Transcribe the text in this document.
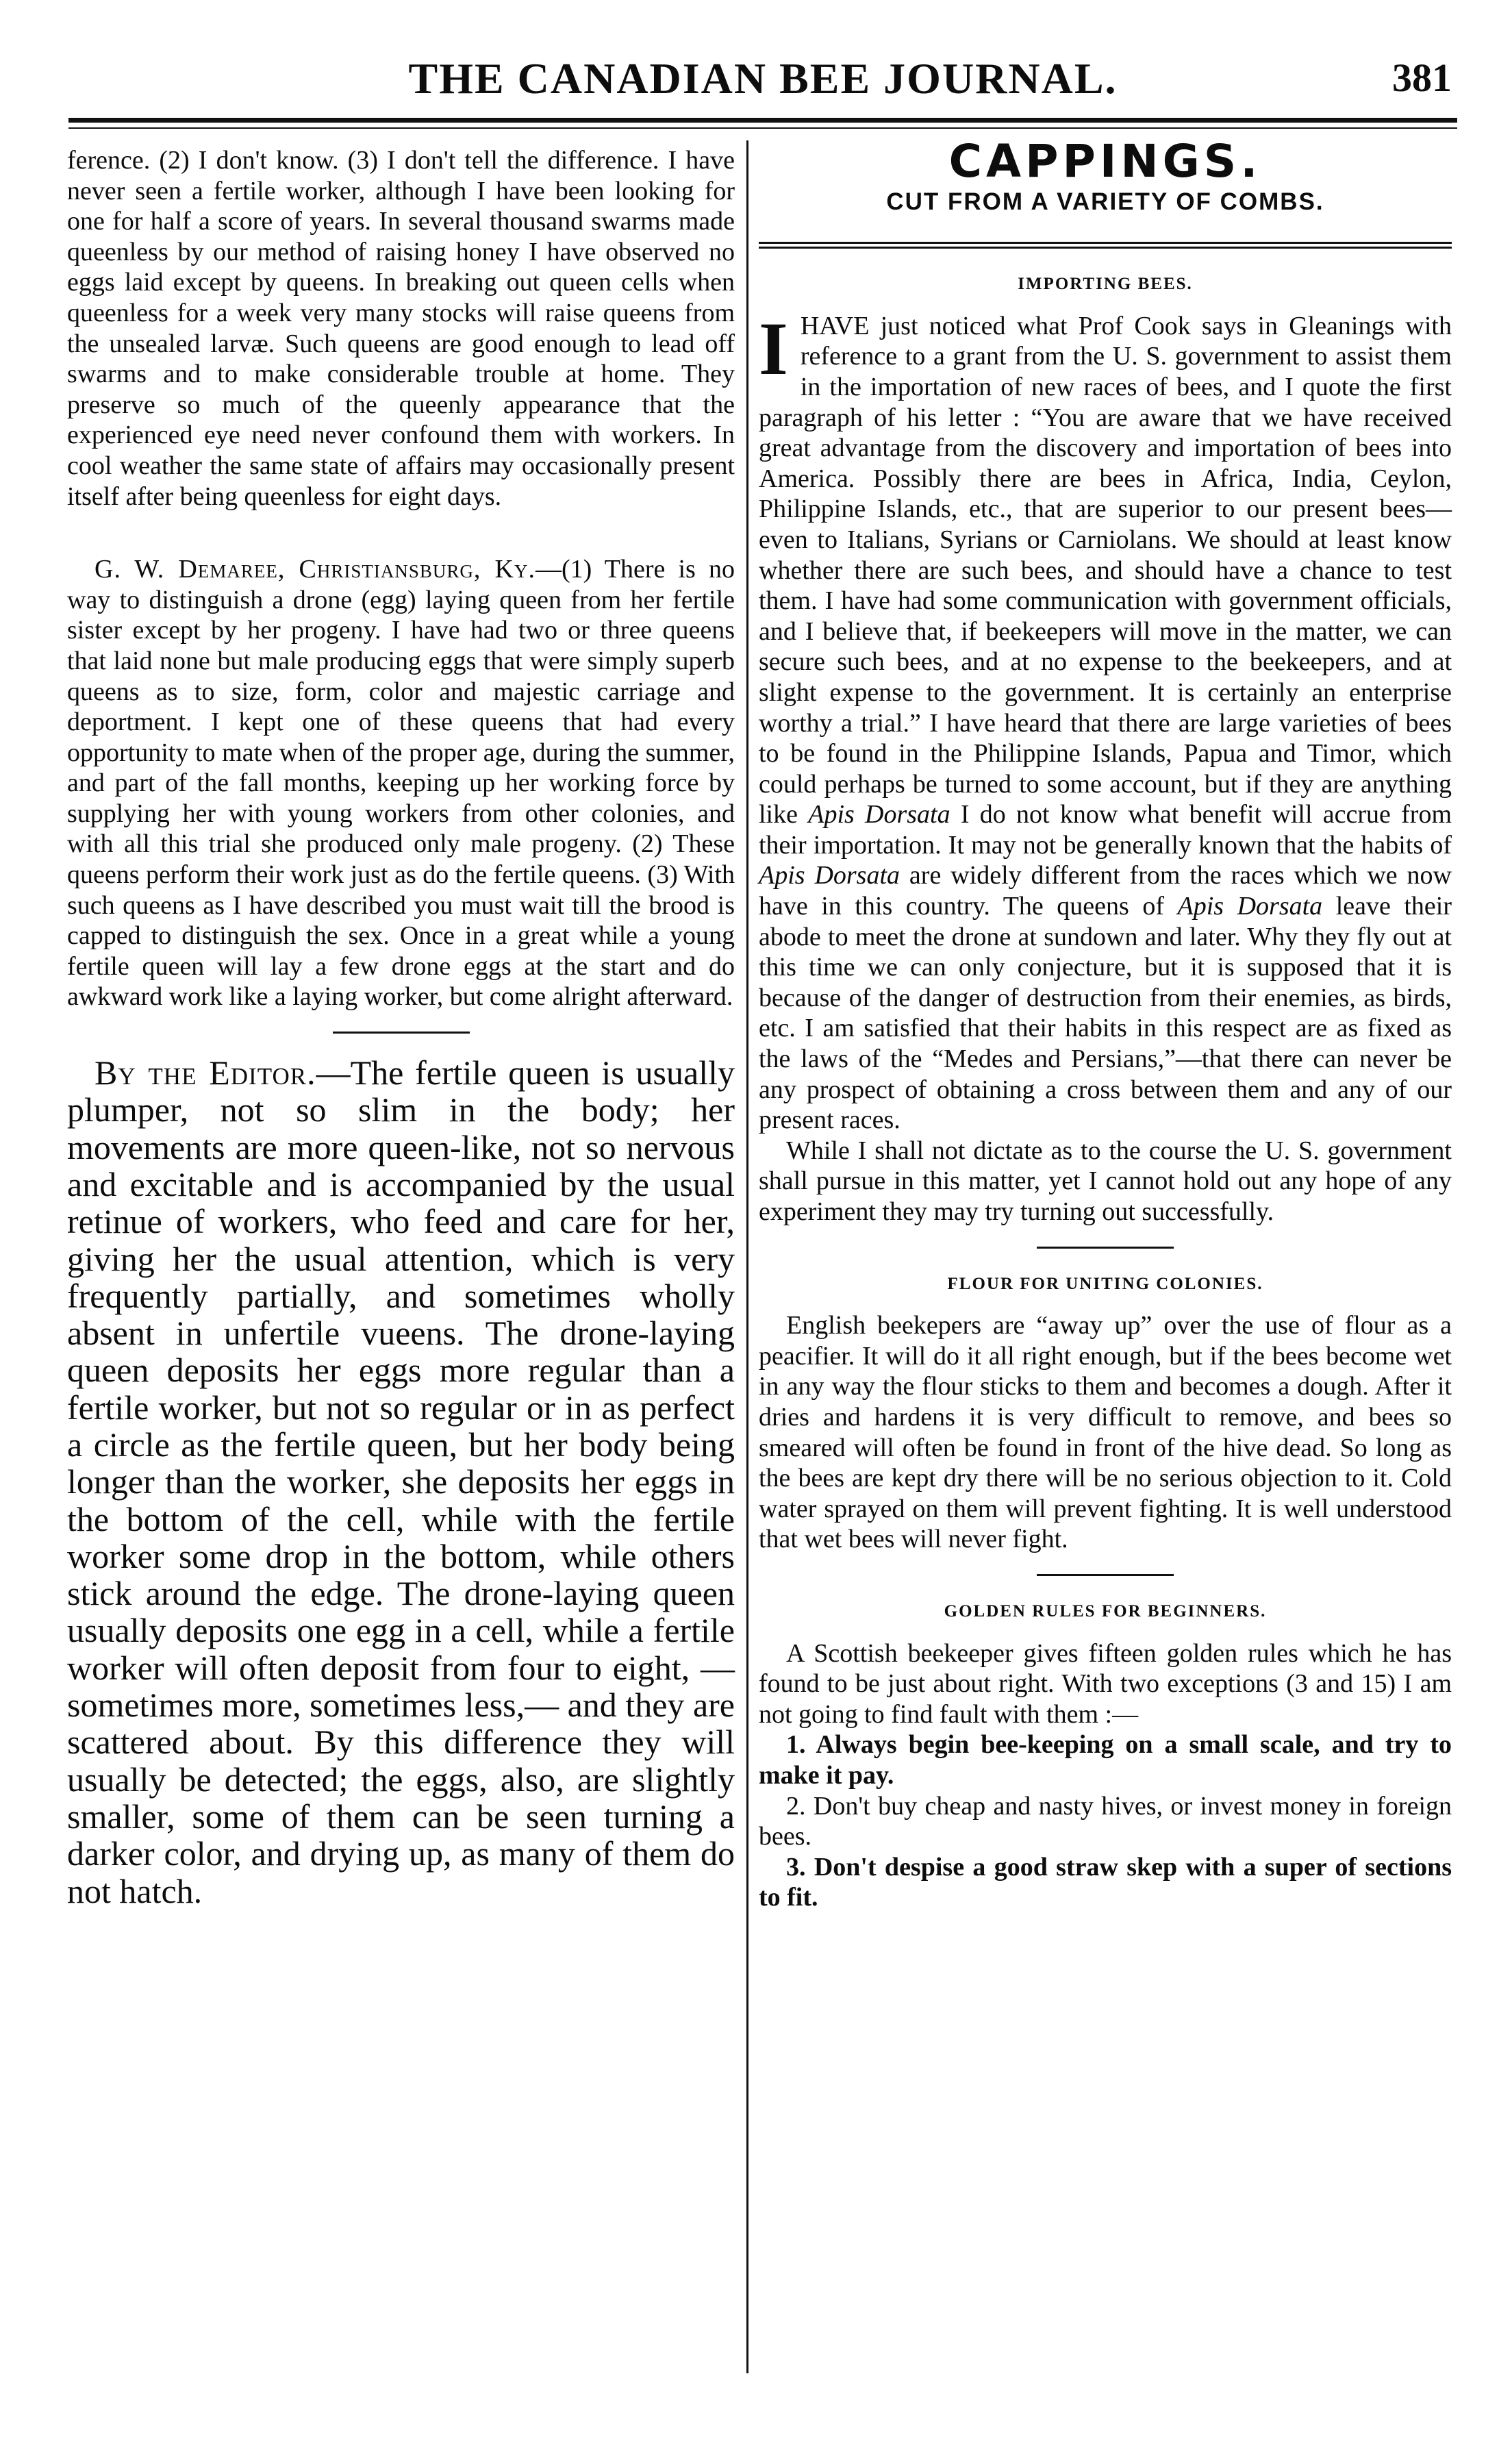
THE CANADIAN BEE JOURNAL.	381

ference. (2) I don't know. (3) I don't tell the difference. I have never seen a fertile worker, although I have been looking for one for half a score of years. In several thousand swarms made queenless by our method of raising honey I have observed no eggs laid except by queens. In breaking out queen cells when queenless for a week very many stocks will raise queens from the unsealed larvæ. Such queens are good enough to lead off swarms and to make considerable trouble at home. They preserve so much of the queenly appearance that the experienced eye need never confound them with workers. In cool weather the same state of affairs may occasionally present itself after being queenless for eight days.

G. W. Demaree, Christiansburg, Ky.—(1) There is no way to distinguish a drone (egg) laying queen from her fertile sister except by her progeny. I have had two or three queens that laid none but male producing eggs that were simply superb queens as to size, form, color and majestic carriage and deportment. I kept one of these queens that had every opportunity to mate when of the proper age, during the summer, and part of the fall months, keeping up her working force by supplying her with young workers from other colonies, and with all this trial she produced only male progeny. (2) These queens perform their work just as do the fertile queens. (3) With such queens as I have described you must wait till the brood is capped to distinguish the sex. Once in a great while a young fertile queen will lay a few drone eggs at the start and do awkward work like a laying worker, but come alright afterward.

By the Editor.—The fertile queen is usually plumper, not so slim in the body; her movements are more queen-like, not so nervous and excitable and is accompanied by the usual retinue of workers, who feed and care for her, giving her the usual attention, which is very frequently partially, and sometimes wholly absent in unfertile vueens. The drone-laying queen deposits her eggs more regular than a fertile worker, but not so regular or in as perfect a circle as the fertile queen, but her body being longer than the worker, she deposits her eggs in the bottom of the cell, while with the fertile worker some drop in the bottom, while others stick around the edge. The drone-laying queen usually deposits one egg in a cell, while a fertile worker will often deposit from four to eight, —sometimes more, sometimes less,— and they are scattered about. By this difference they will usually be detected; the eggs, also, are slightly smaller, some of them can be seen turning a darker color, and drying up, as many of them do not hatch.

CAPPINGS.
CUT FROM A VARIETY OF COMBS.
IMPORTING BEES.

I HAVE just noticed what Prof Cook says in Gleanings with reference to a grant from the U. S. government to assist them in the importation of new races of bees, and I quote the first paragraph of his letter : “You are aware that we have received great advantage from the discovery and importation of bees into America. Possibly there are bees in Africa, India, Ceylon, Philippine Islands, etc., that are superior to our present bees—even to Italians, Syrians or Carniolans. We should at least know whether there are such bees, and should have a chance to test them. I have had some communication with government officials, and I believe that, if beekeepers will move in the matter, we can secure such bees, and at no expense to the beekeepers, and at slight expense to the government. It is certainly an enterprise worthy a trial.” I have heard that there are large varieties of bees to be found in the Philippine Islands, Papua and Timor, which could perhaps be turned to some account, but if they are anything like Apis Dorsata I do not know what benefit will accrue from their importation. It may not be generally known that the habits of Apis Dorsata are widely different from the races which we now have in this country. The queens of Apis Dorsata leave their abode to meet the drone at sundown and later. Why they fly out at this time we can only conjecture, but it is supposed that it is because of the danger of destruction from their enemies, as birds, etc. I am satisfied that their habits in this respect are as fixed as the laws of the “Medes and Persians,”—that there can never be any prospect of obtaining a cross between them and any of our present races.

While I shall not dictate as to the course the U. S. government shall pursue in this matter, yet I cannot hold out any hope of any experiment they may try turning out successfully.

FLOUR FOR UNITING COLONIES.

English beekepers are “away up” over the use of flour as a peacifier. It will do it all right enough, but if the bees become wet in any way the flour sticks to them and becomes a dough. After it dries and hardens it is very difficult to remove, and bees so smeared will often be found in front of the hive dead. So long as the bees are kept dry there will be no serious objection to it. Cold water sprayed on them will prevent fighting. It is well understood that wet bees will never fight.

GOLDEN RULES FOR BEGINNERS.

A Scottish beekeeper gives fifteen golden rules which he has found to be just about right. With two exceptions (3 and 15) I am not going to find fault with them :—

1. Always begin bee-keeping on a small scale, and try to make it pay.

2. Don't buy cheap and nasty hives, or invest money in foreign bees.

3. Don't despise a good straw skep with a super of sections to fit.
